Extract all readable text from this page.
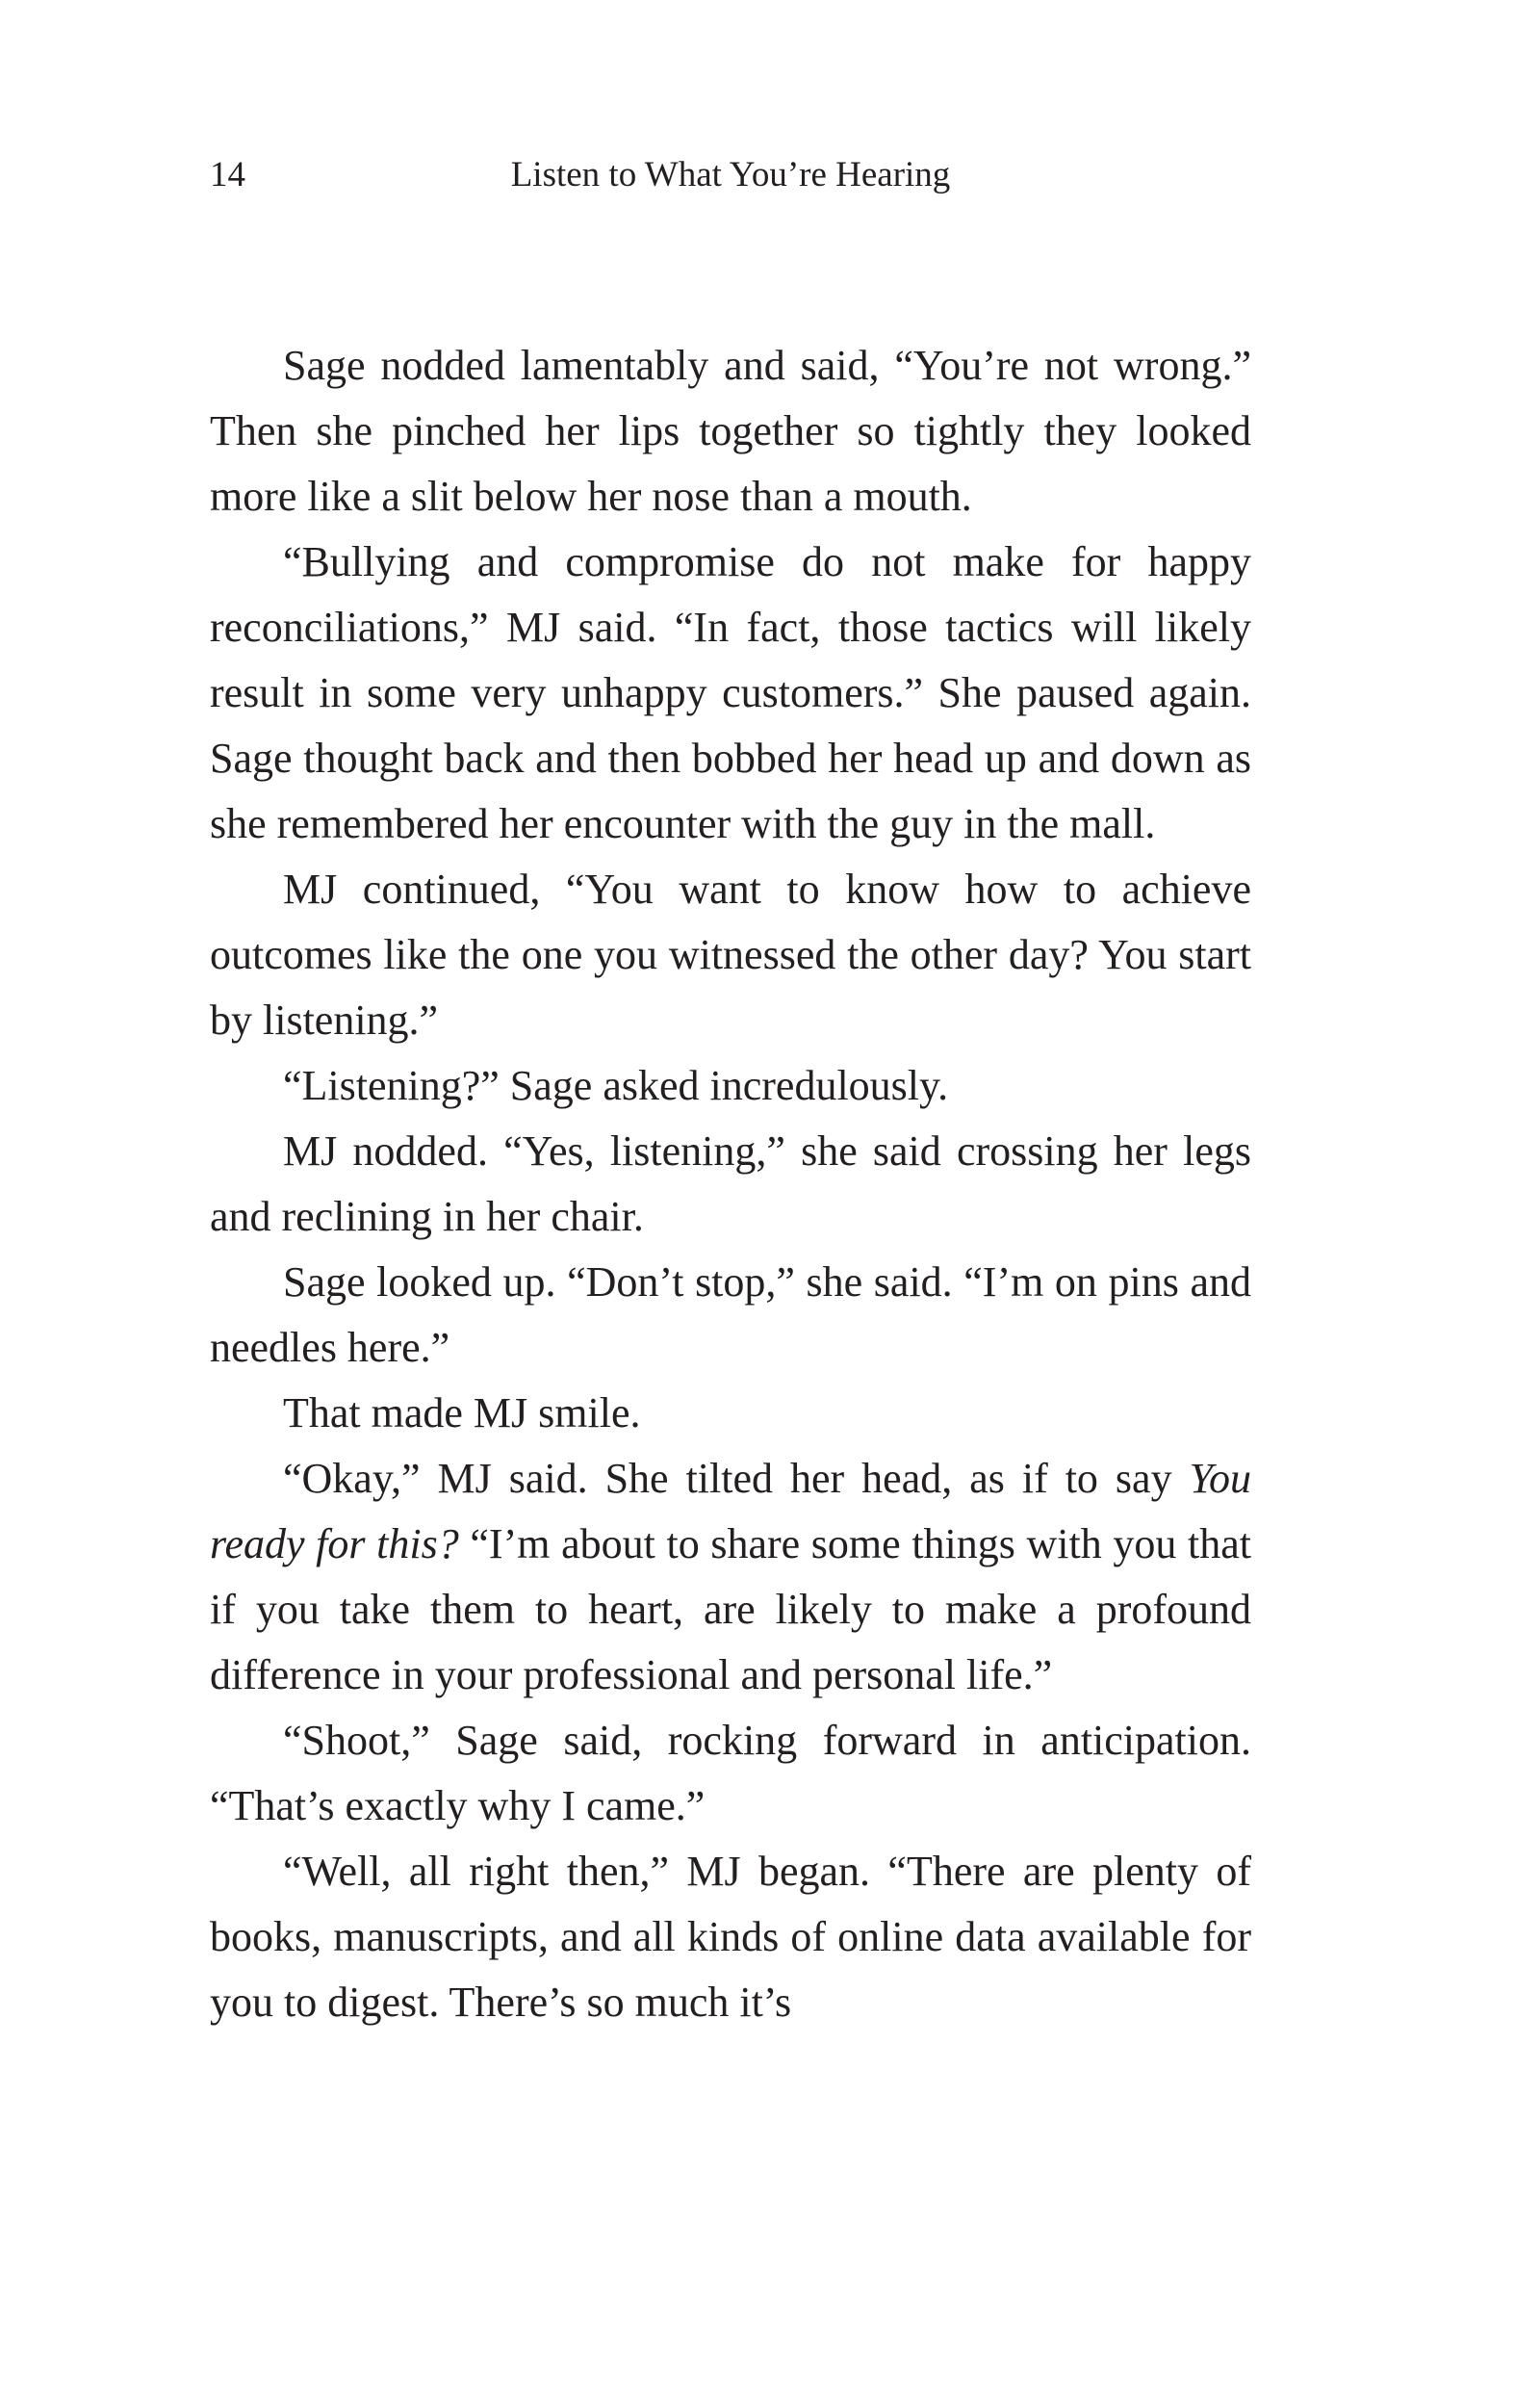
14	Listen to What You’re Hearing

Sage nodded lamentably and said, “You’re not wrong.” Then she pinched her lips together so tightly they looked more like a slit below her nose than a mouth.

“Bullying and compromise do not make for happy reconciliations,” MJ said. “In fact, those tactics will likely result in some very unhappy customers.” She paused again. Sage thought back and then bobbed her head up and down as she remembered her encounter with the guy in the mall.

MJ continued, “You want to know how to achieve outcomes like the one you witnessed the other day? You start by listening.”

“Listening?” Sage asked incredulously.

MJ nodded. “Yes, listening,” she said crossing her legs and reclining in her chair.

Sage looked up. “Don’t stop,” she said. “I’m on pins and needles here.”

That made MJ smile.

“Okay,” MJ said. She tilted her head, as if to say You ready for this? “I’m about to share some things with you that if you take them to heart, are likely to make a profound difference in your professional and personal life.”

“Shoot,” Sage said, rocking forward in anticipation. “That’s exactly why I came.”

“Well, all right then,” MJ began. “There are plenty of books, manuscripts, and all kinds of online data available for you to digest. There’s so much it’s
